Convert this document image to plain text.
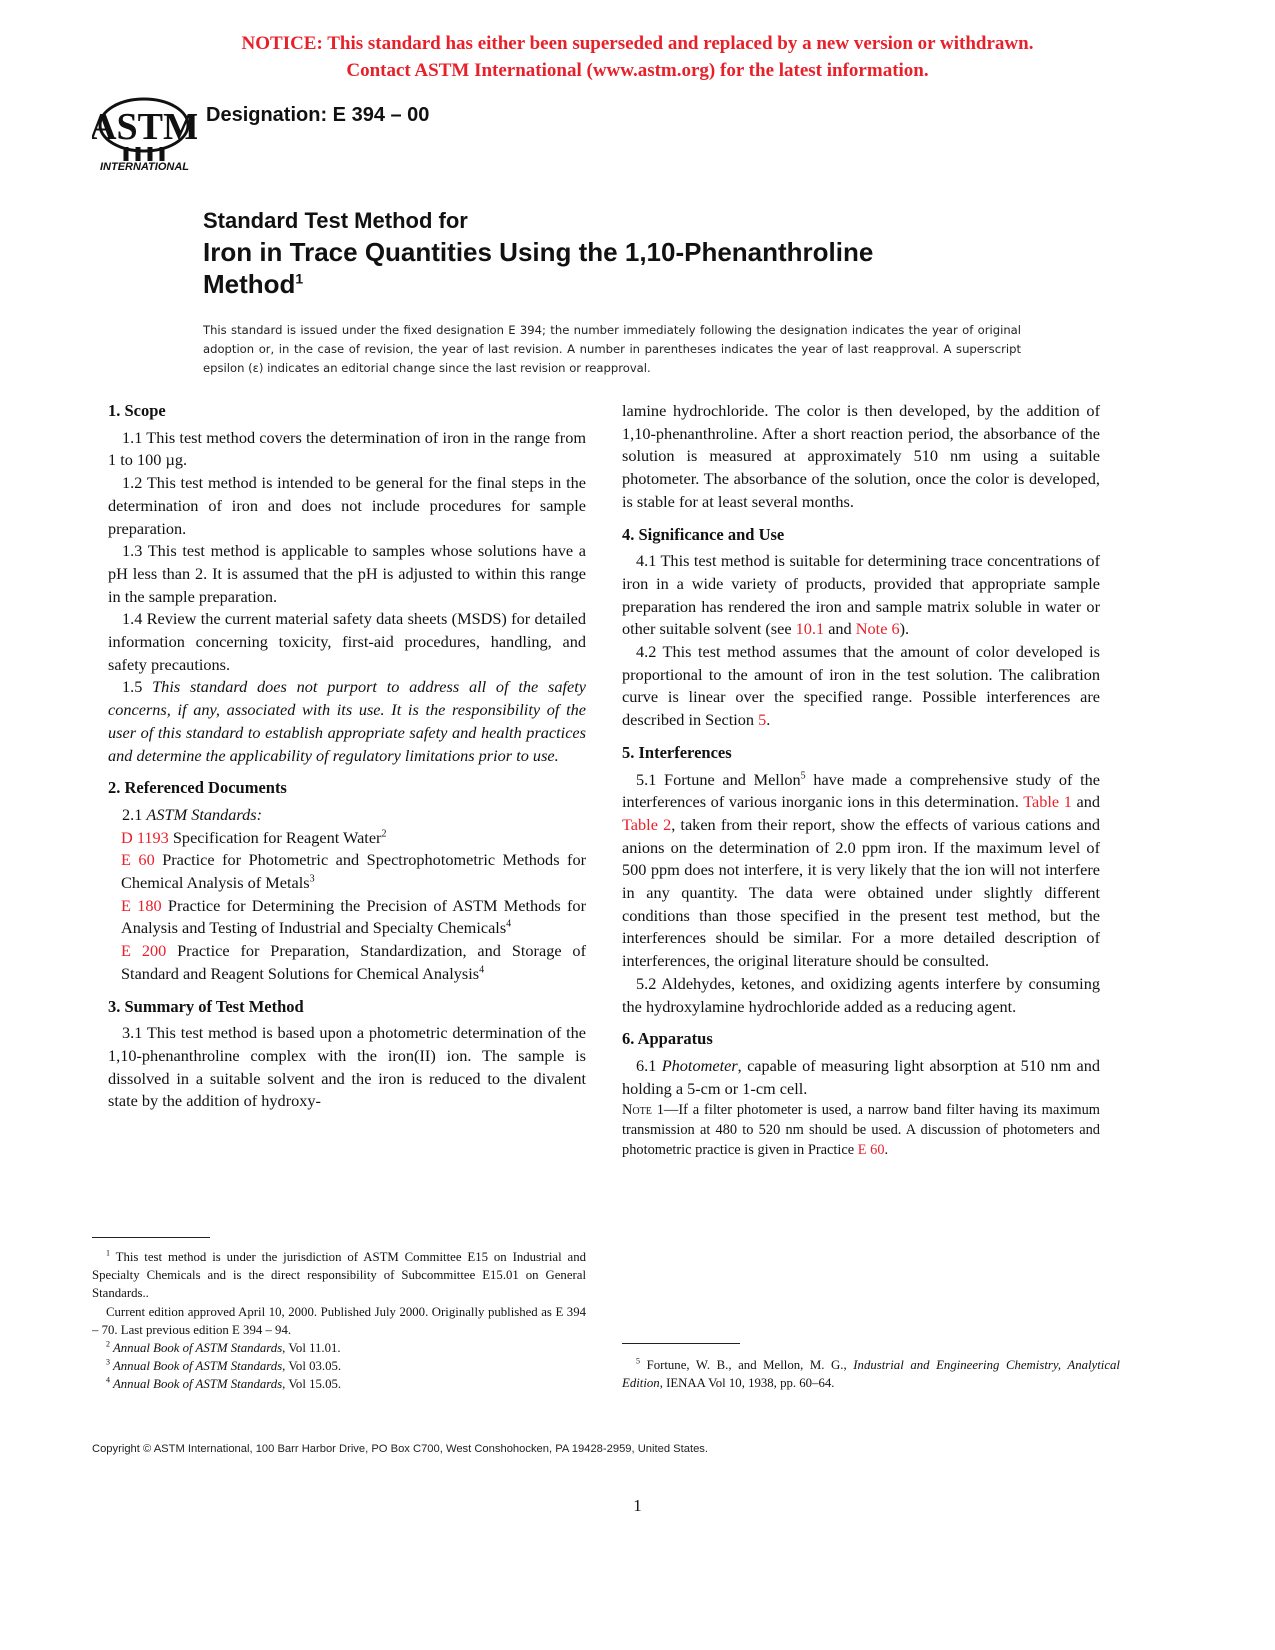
NOTICE: This standard has either been superseded and replaced by a new version or withdrawn.
Contact ASTM International (www.astm.org) for the latest information.
ASTM
INTERNATIONAL
Designation: E 394 – 00
Standard Test Method for
Iron in Trace Quantities Using the 1,10-Phenanthroline
Method$^1$
This standard is issued under the fixed designation E 394; the number immediately following the designation indicates the year of original adoption or, in the case of revision, the year of last revision. A number in parentheses indicates the year of last reapproval. A superscript epsilon (ε) indicates an editorial change since the last revision or reapproval.
1. Scope

1.1 This test method covers the determination of iron in the range from 1 to 100 µg.

1.2 This test method is intended to be general for the final steps in the determination of iron and does not include procedures for sample preparation.

1.3 This test method is applicable to samples whose solutions have a pH less than 2. It is assumed that the pH is adjusted to within this range in the sample preparation.

1.4 Review the current material safety data sheets (MSDS) for detailed information concerning toxicity, first-aid procedures, handling, and safety precautions.

1.5 This standard does not purport to address all of the safety concerns, if any, associated with its use. It is the responsibility of the user of this standard to establish appropriate safety and health practices and determine the applicability of regulatory limitations prior to use.

2. Referenced Documents

2.1 ASTM Standards:

D 1193 Specification for Reagent Water$^2$

E 60 Practice for Photometric and Spectrophotometric Methods for Chemical Analysis of Metals$^3$

E 180 Practice for Determining the Precision of ASTM Methods for Analysis and Testing of Industrial and Specialty Chemicals$^4$

E 200 Practice for Preparation, Standardization, and Storage of Standard and Reagent Solutions for Chemical Analysis$^4$

3. Summary of Test Method

3.1 This test method is based upon a photometric determination of the 1,10-phenanthroline complex with the iron(II) ion. The sample is dissolved in a suitable solvent and the iron is reduced to the divalent state by the addition of hydroxy-

$^1$ This test method is under the jurisdiction of ASTM Committee E15 on Industrial and Specialty Chemicals and is the direct responsibility of Subcommittee E15.01 on General Standards..

Current edition approved April 10, 2000. Published July 2000. Originally published as E 394 – 70. Last previous edition E 394 – 94.

$^2$ Annual Book of ASTM Standards, Vol 11.01.

$^3$ Annual Book of ASTM Standards, Vol 03.05.

$^4$ Annual Book of ASTM Standards, Vol 15.05.

lamine hydrochloride. The color is then developed, by the addition of 1,10-phenanthroline. After a short reaction period, the absorbance of the solution is measured at approximately 510 nm using a suitable photometer. The absorbance of the solution, once the color is developed, is stable for at least several months.

4. Significance and Use

4.1 This test method is suitable for determining trace concentrations of iron in a wide variety of products, provided that appropriate sample preparation has rendered the iron and sample matrix soluble in water or other suitable solvent (see 10.1 and Note 6).

4.2 This test method assumes that the amount of color developed is proportional to the amount of iron in the test solution. The calibration curve is linear over the specified range. Possible interferences are described in Section 5.

5. Interferences

5.1 Fortune and Mellon$^5$ have made a comprehensive study of the interferences of various inorganic ions in this determination. Table 1 and Table 2, taken from their report, show the effects of various cations and anions on the determination of 2.0 ppm iron. If the maximum level of 500 ppm does not interfere, it is very likely that the ion will not interfere in any quantity. The data were obtained under slightly different conditions than those specified in the present test method, but the interferences should be similar. For a more detailed description of interferences, the original literature should be consulted.

5.2 Aldehydes, ketones, and oxidizing agents interfere by consuming the hydroxylamine hydrochloride added as a reducing agent.

6. Apparatus

6.1 Photometer, capable of measuring light absorption at 510 nm and holding a 5-cm or 1-cm cell.

Note 1—If a filter photometer is used, a narrow band filter having its maximum transmission at 480 to 520 nm should be used. A discussion of photometers and photometric practice is given in Practice E 60.

$^5$ Fortune, W. B., and Mellon, M. G., Industrial and Engineering Chemistry, Analytical Edition, IENAA Vol 10, 1938, pp. 60–64.

Copyright © ASTM International, 100 Barr Harbor Drive, PO Box C700, West Conshohocken, PA 19428-2959, United States.
1
